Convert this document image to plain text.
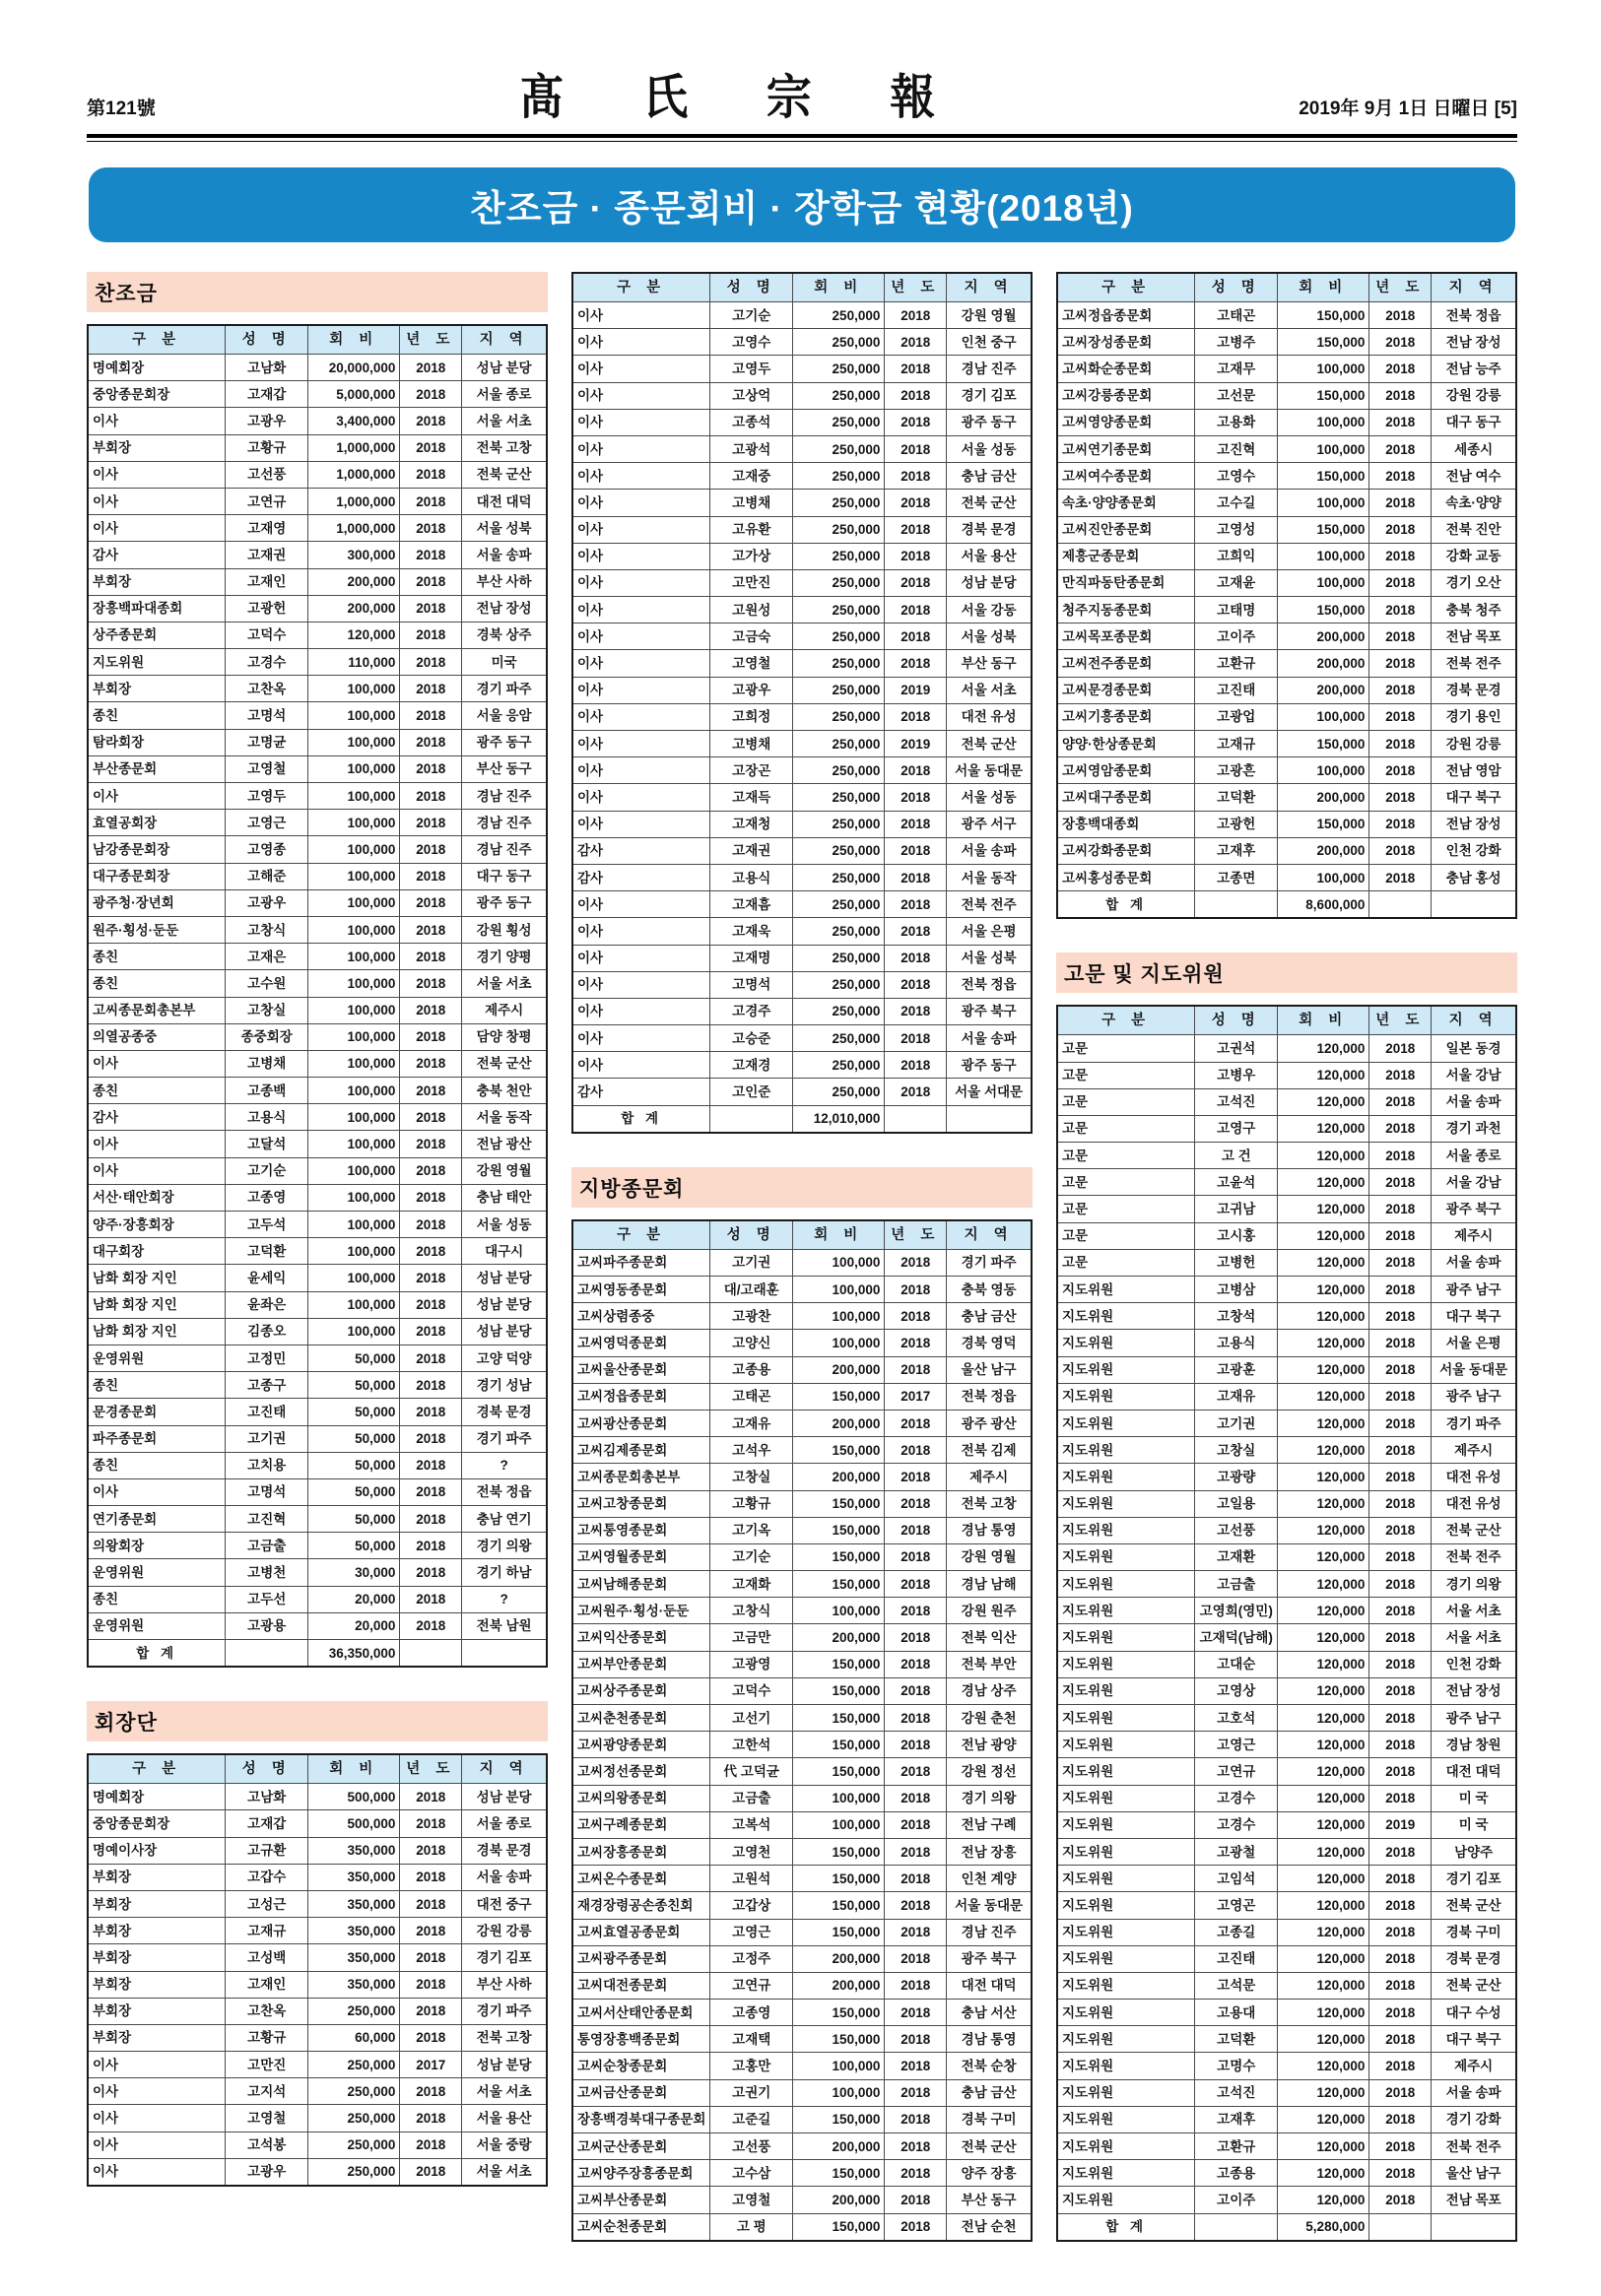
第121號	髙 氏 宗 報	2019年 9月 1日 日曜日 [5]
찬조금 · 종문회비 · 장학금 현황(2018년)
찬조금
구 분	성 명	회 비	년 도	지 역
명예회장	고남화	20,000,000	2018	성남 분당
중앙종문회장	고재갑	5,000,000	2018	서울 종로
이사	고광우	3,400,000	2018	서울 서초
부회장	고황규	1,000,000	2018	전북 고창
이사	고선풍	1,000,000	2018	전북 군산
이사	고연규	1,000,000	2018	대전 대덕
이사	고재영	1,000,000	2018	서울 성북
감사	고재권	300,000	2018	서울 송파
부회장	고재인	200,000	2018	부산 사하
장흥백파대종회	고광헌	200,000	2018	전남 장성
상주종문회	고덕수	120,000	2018	경북 상주
지도위원	고경수	110,000	2018	미국
부회장	고찬옥	100,000	2018	경기 파주
종친	고명석	100,000	2018	서울 응암
탐라회장	고명균	100,000	2018	광주 동구
부산종문회	고영철	100,000	2018	부산 동구
이사	고영두	100,000	2018	경남 진주
효열공회장	고영근	100,000	2018	경남 진주
남강종문회장	고영종	100,000	2018	경남 진주
대구종문회장	고해준	100,000	2018	대구 동구
광주청·장년회	고광우	100,000	2018	광주 동구
원주·횡성·둔둔	고창식	100,000	2018	강원 횡성
종친	고재은	100,000	2018	경기 양평
종친	고수원	100,000	2018	서울 서초
고씨종문회총본부	고창실	100,000	2018	제주시
의열공종중	종중회장	100,000	2018	담양 창평
이사	고병채	100,000	2018	전북 군산
종친	고종백	100,000	2018	충북 천안
감사	고용식	100,000	2018	서울 동작
이사	고달석	100,000	2018	전남 광산
이사	고기순	100,000	2018	강원 영월
서산·태안회장	고종영	100,000	2018	충남 태안
양주·장흥회장	고두석	100,000	2018	서울 성동
대구회장	고덕환	100,000	2018	대구시
남화 회장 지인	윤세익	100,000	2018	성남 분당
남화 회장 지인	윤좌은	100,000	2018	성남 분당
남화 회장 지인	김종오	100,000	2018	성남 분당
운영위원	고정민	50,000	2018	고양 덕양
종친	고종구	50,000	2018	경기 성남
문경종문회	고진태	50,000	2018	경북 문경
파주종문회	고기권	50,000	2018	경기 파주
종친	고치용	50,000	2018	?
이사	고명석	50,000	2018	전북 정읍
연기종문회	고진혁	50,000	2018	충남 연기
의왕회장	고금출	50,000	2018	경기 의왕
운영위원	고병천	30,000	2018	경기 하남
종친	고두선	20,000	2018	?
운영위원	고광용	20,000	2018	전북 남원
합 계		36,350,000		
회장단
구 분	성 명	회 비	년 도	지 역
명예회장	고남화	500,000	2018	성남 분당
중앙종문회장	고재갑	500,000	2018	서울 종로
명예이사장	고규환	350,000	2018	경북 문경
부회장	고갑수	350,000	2018	서울 송파
부회장	고성근	350,000	2018	대전 중구
부회장	고재규	350,000	2018	강원 강릉
부회장	고성백	350,000	2018	경기 김포
부회장	고재인	350,000	2018	부산 사하
부회장	고찬옥	250,000	2018	경기 파주
부회장	고황규	60,000	2018	전북 고창
이사	고만진	250,000	2017	성남 분당
이사	고지석	250,000	2018	서울 서초
이사	고영철	250,000	2018	서울 용산
이사	고석봉	250,000	2018	서울 중랑
이사	고광우	250,000	2018	서울 서초
구 분	성 명	회 비	년 도	지 역
이사	고기순	250,000	2018	강원 영월
이사	고영수	250,000	2018	인천 중구
이사	고영두	250,000	2018	경남 진주
이사	고상억	250,000	2018	경기 김포
이사	고종석	250,000	2018	광주 동구
이사	고광석	250,000	2018	서울 성동
이사	고재중	250,000	2018	충남 금산
이사	고병채	250,000	2018	전북 군산
이사	고유환	250,000	2018	경북 문경
이사	고가상	250,000	2018	서울 용산
이사	고만진	250,000	2018	성남 분당
이사	고원성	250,000	2018	서울 강동
이사	고금숙	250,000	2018	서울 성북
이사	고영철	250,000	2018	부산 동구
이사	고광우	250,000	2019	서울 서초
이사	고희정	250,000	2018	대전 유성
이사	고병채	250,000	2019	전북 군산
이사	고장곤	250,000	2018	서울 동대문
이사	고재득	250,000	2018	서울 성동
이사	고재청	250,000	2018	광주 서구
감사	고재권	250,000	2018	서울 송파
감사	고용식	250,000	2018	서울 동작
이사	고재흠	250,000	2018	전북 전주
이사	고재욱	250,000	2018	서울 은평
이사	고재명	250,000	2018	서울 성북
이사	고명석	250,000	2018	전북 정읍
이사	고경주	250,000	2018	광주 북구
이사	고승준	250,000	2018	서울 송파
이사	고재경	250,000	2018	광주 동구
감사	고인준	250,000	2018	서울 서대문
합 계		12,010,000		
지방종문회
구 분	성 명	회 비	년 도	지 역
고씨파주종문회	고기권	100,000	2018	경기 파주
고씨영동종문회	대/고래훈	100,000	2018	충북 영동
고씨상렴종중	고광찬	100,000	2018	충남 금산
고씨영덕종문회	고양신	100,000	2018	경북 영덕
고씨울산종문회	고종용	200,000	2018	울산 남구
고씨정읍종문회	고태곤	150,000	2017	전북 정읍
고씨광산종문회	고재유	200,000	2018	광주 광산
고씨김제종문회	고석우	150,000	2018	전북 김제
고씨종문회총본부	고창실	200,000	2018	제주시
고씨고창종문회	고황규	150,000	2018	전북 고창
고씨통영종문회	고기옥	150,000	2018	경남 통영
고씨영월종문회	고기순	150,000	2018	강원 영월
고씨남해종문회	고재화	150,000	2018	경남 남해
고씨원주·횡성·둔둔	고창식	100,000	2018	강원 원주
고씨익산종문회	고금만	200,000	2018	전북 익산
고씨부안종문회	고광영	150,000	2018	전북 부안
고씨상주종문회	고덕수	150,000	2018	경남 상주
고씨춘천종문회	고선기	150,000	2018	강원 춘천
고씨광양종문회	고한석	150,000	2018	전남 광양
고씨정선종문회	代 고덕균	150,000	2018	강원 정선
고씨의왕종문회	고금출	100,000	2018	경기 의왕
고씨구례종문회	고복석	100,000	2018	전남 구례
고씨장흥종문회	고영천	150,000	2018	전남 장흥
고씨온수종문회	고원석	150,000	2018	인천 계양
재경장령공손종친회	고갑상	150,000	2018	서울 동대문
고씨효열공종문회	고영근	150,000	2018	경남 진주
고씨광주종문회	고정주	200,000	2018	광주 북구
고씨대전종문회	고연규	200,000	2018	대전 대덕
고씨서산태안종문회	고종영	150,000	2018	충남 서산
통영장흥백종문회	고재택	150,000	2018	경남 통영
고씨순창종문회	고홍만	100,000	2018	전북 순창
고씨금산종문회	고권기	100,000	2018	충남 금산
장흥백경북대구종문회	고준길	150,000	2018	경북 구미
고씨군산종문회	고선풍	200,000	2018	전북 군산
고씨양주장흥종문회	고수삼	150,000	2018	양주 장흥
고씨부산종문회	고영철	200,000	2018	부산 동구
고씨순천종문회	고 평	150,000	2018	전남 순천
구 분	성 명	회 비	년 도	지 역
고씨정읍종문회	고태곤	150,000	2018	전북 정읍
고씨장성종문회	고병주	150,000	2018	전남 장성
고씨화순종문회	고재무	100,000	2018	전남 능주
고씨강릉종문회	고선문	150,000	2018	강원 강릉
고씨영양종문회	고용화	100,000	2018	대구 동구
고씨연기종문회	고진혁	100,000	2018	세종시
고씨여수종문회	고영수	150,000	2018	전남 여수
속초·양양종문회	고수길	100,000	2018	속초·양양
고씨진안종문회	고영성	150,000	2018	전북 진안
제흥군종문회	고희익	100,000	2018	강화 교동
만직파동탄종문회	고재윤	100,000	2018	경기 오산
청주지동종문회	고태명	150,000	2018	충북 청주
고씨목포종문회	고이주	200,000	2018	전남 목포
고씨전주종문회	고환규	200,000	2018	전북 전주
고씨문경종문회	고진태	200,000	2018	경북 문경
고씨기흥종문회	고광업	100,000	2018	경기 용인
양양·한상종문회	고재규	150,000	2018	강원 강릉
고씨영암종문회	고광흔	100,000	2018	전남 영암
고씨대구종문회	고덕환	200,000	2018	대구 북구
장흥백대종회	고광헌	150,000	2018	전남 장성
고씨강화종문회	고재후	200,000	2018	인천 강화
고씨홍성종문회	고종면	100,000	2018	충남 홍성
합 계		8,600,000		
고문 및 지도위원
구 분	성 명	회 비	년 도	지 역
고문	고권석	120,000	2018	일본 동경
고문	고병우	120,000	2018	서울 강남
고문	고석진	120,000	2018	서울 송파
고문	고영구	120,000	2018	경기 과천
고문	고 건	120,000	2018	서울 종로
고문	고윤석	120,000	2018	서울 강남
고문	고귀남	120,000	2018	광주 북구
고문	고시홍	120,000	2018	제주시
고문	고병헌	120,000	2018	서울 송파
지도위원	고병삼	120,000	2018	광주 남구
지도위원	고창석	120,000	2018	대구 북구
지도위원	고용식	120,000	2018	서울 은평
지도위원	고광훈	120,000	2018	서울 동대문
지도위원	고재유	120,000	2018	광주 남구
지도위원	고기권	120,000	2018	경기 파주
지도위원	고창실	120,000	2018	제주시
지도위원	고광량	120,000	2018	대전 유성
지도위원	고일용	120,000	2018	대전 유성
지도위원	고선풍	120,000	2018	전북 군산
지도위원	고재환	120,000	2018	전북 전주
지도위원	고금출	120,000	2018	경기 의왕
지도위원	고영희(영민)	120,000	2018	서울 서초
지도위원	고재덕(남해)	120,000	2018	서울 서초
지도위원	고대순	120,000	2018	인천 강화
지도위원	고영상	120,000	2018	전남 장성
지도위원	고호석	120,000	2018	광주 남구
지도위원	고영근	120,000	2018	경남 창원
지도위원	고연규	120,000	2018	대전 대덕
지도위원	고경수	120,000	2018	미 국
지도위원	고경수	120,000	2019	미 국
지도위원	고광철	120,000	2018	남양주
지도위원	고임석	120,000	2018	경기 김포
지도위원	고영곤	120,000	2018	전북 군산
지도위원	고종길	120,000	2018	경북 구미
지도위원	고진태	120,000	2018	경북 문경
지도위원	고석문	120,000	2018	전북 군산
지도위원	고용대	120,000	2018	대구 수성
지도위원	고덕환	120,000	2018	대구 북구
지도위원	고명수	120,000	2018	제주시
지도위원	고석진	120,000	2018	서울 송파
지도위원	고재후	120,000	2018	경기 강화
지도위원	고환규	120,000	2018	전북 전주
지도위원	고종용	120,000	2018	울산 남구
지도위원	고이주	120,000	2018	전남 목포
합 계		5,280,000		
